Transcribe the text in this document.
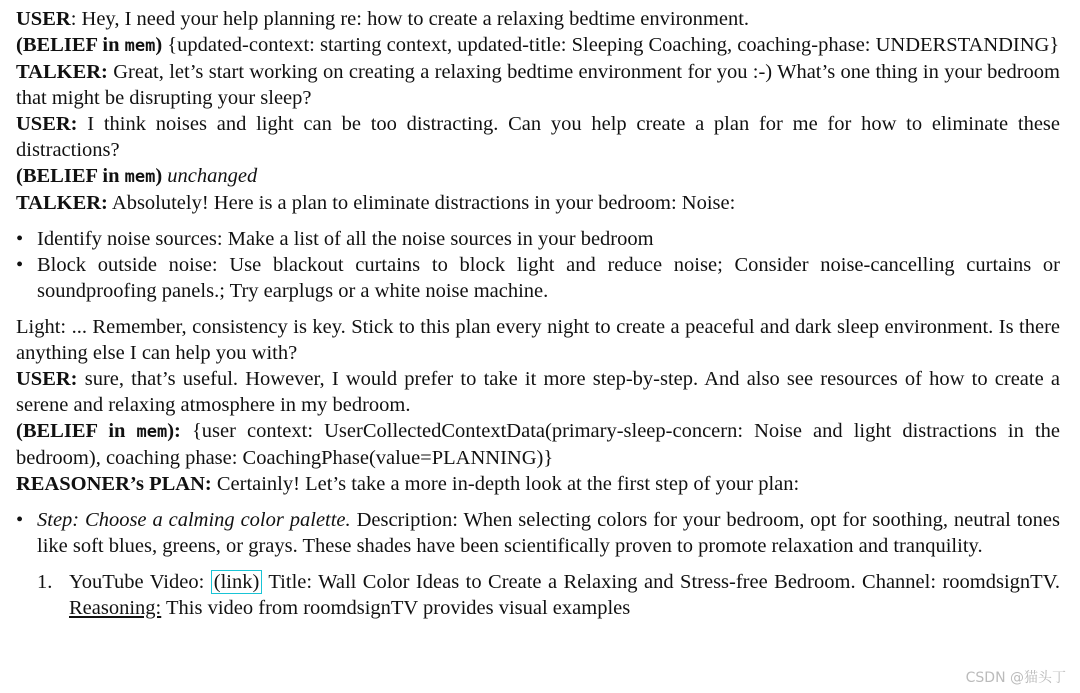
USER: Hey, I need your help planning re: how to create a relaxing bedtime environment.
(BELIEF in mem) {updated-context: starting context, updated-title: Sleeping Coaching, coaching-phase: UNDERSTANDING}
TALKER: Great, let’s start working on creating a relaxing bedtime environment for you :-) What’s one thing in your bedroom that might be disrupting your sleep?
USER: I think noises and light can be too distracting. Can you help create a plan for me for how to eliminate these distractions?
(BELIEF in mem) unchanged
TALKER: Absolutely! Here is a plan to eliminate distractions in your bedroom: Noise:
• Identify noise sources: Make a list of all the noise sources in your bedroom
• Block outside noise: Use blackout curtains to block light and reduce noise; Consider noise-cancelling curtains or soundproofing panels.; Try earplugs or a white noise machine.
Light: ... Remember, consistency is key. Stick to this plan every night to create a peaceful and dark sleep environment. Is there anything else I can help you with?
USER: sure, that’s useful. However, I would prefer to take it more step-by-step. And also see resources of how to create a serene and relaxing atmosphere in my bedroom.
(BELIEF in mem): {user context: UserCollectedContextData(primary-sleep-concern: Noise and light distractions in the bedroom), coaching phase: CoachingPhase(value=PLANNING)}
REASONER’s PLAN: Certainly! Let’s take a more in-depth look at the first step of your plan:
• Step: Choose a calming color palette. Description: When selecting colors for your bedroom, opt for soothing, neutral tones like soft blues, greens, or grays. These shades have been scientifically proven to promote relaxation and tranquility.
1. YouTube Video: (link) Title: Wall Color Ideas to Create a Relaxing and Stress-free Bedroom. Channel: roomdsignTV. Reasoning: This video from roomdsignTV provides visual examples
CSDN @猫头丁
